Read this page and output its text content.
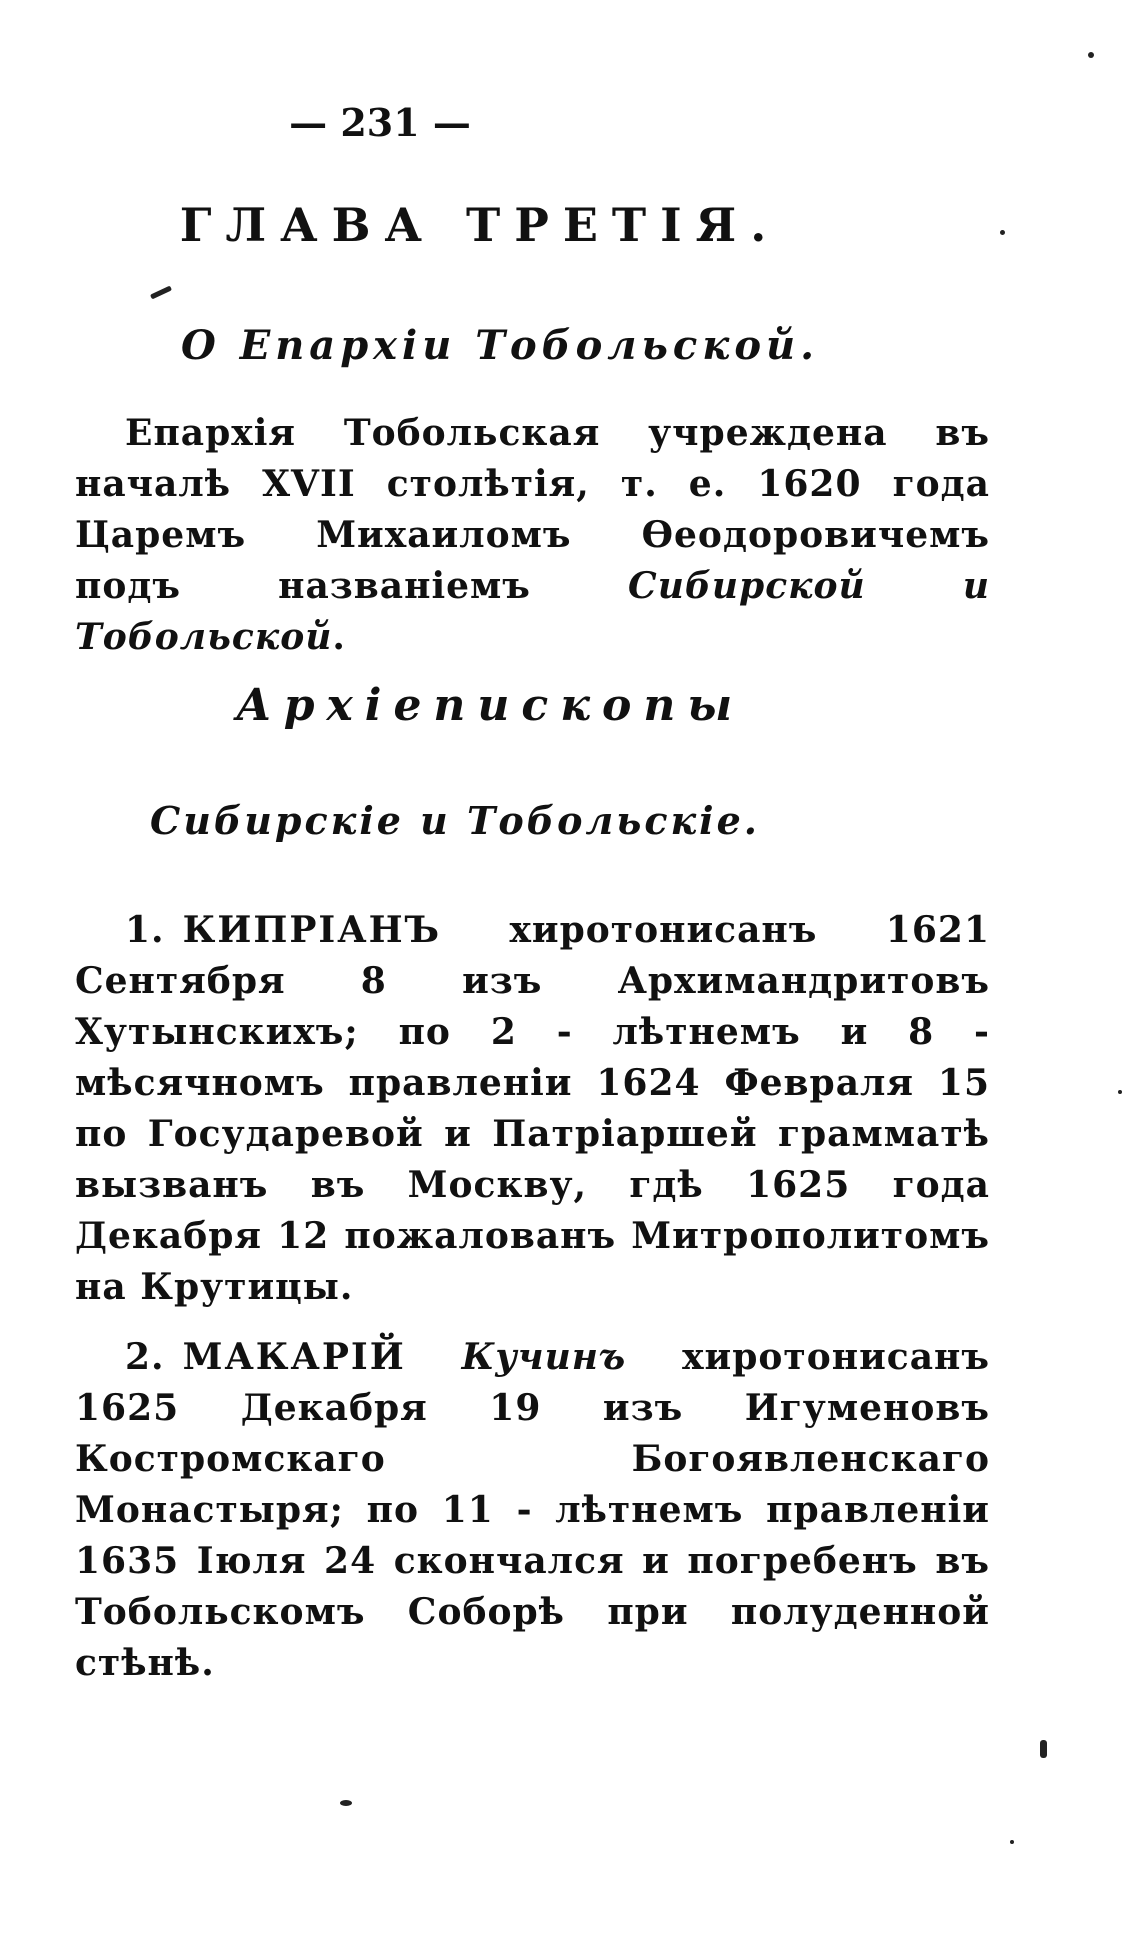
— 231 —
ГЛАВА ТРЕТІЯ.
О Епархіи Тобольской.
Епархія Тобольская учреждена въ началѣ XVII столѣтія, т. е. 1620 года Царемъ Михаиломъ Ѳеодоровичемъ подъ названіемъ Сибирской и Тобольской.
Архіепископы
Сибирскіе и Тобольскіе.
1. КИПРІАНЪ хиротонисанъ 1621 Сентября 8 изъ Архимандритовъ Хутынскихъ; по 2 - лѣтнемъ и 8 - мѣсячномъ правленіи 1624 Февраля 15 по Государевой и Патріаршей грамматѣ вызванъ въ Москву, гдѣ 1625 года Декабря 12 пожалованъ Митрополитомъ на Крутицы.
2. МАКАРІЙ Кучинъ хиротонисанъ 1625 Декабря 19 изъ Игуменовъ Костромскаго Богоявленскаго Монастыря; по 11 - лѣтнемъ правленіи 1635 Іюля 24 скончался и погребенъ въ Тобольскомъ Соборѣ при полуденной стѣнѣ.
